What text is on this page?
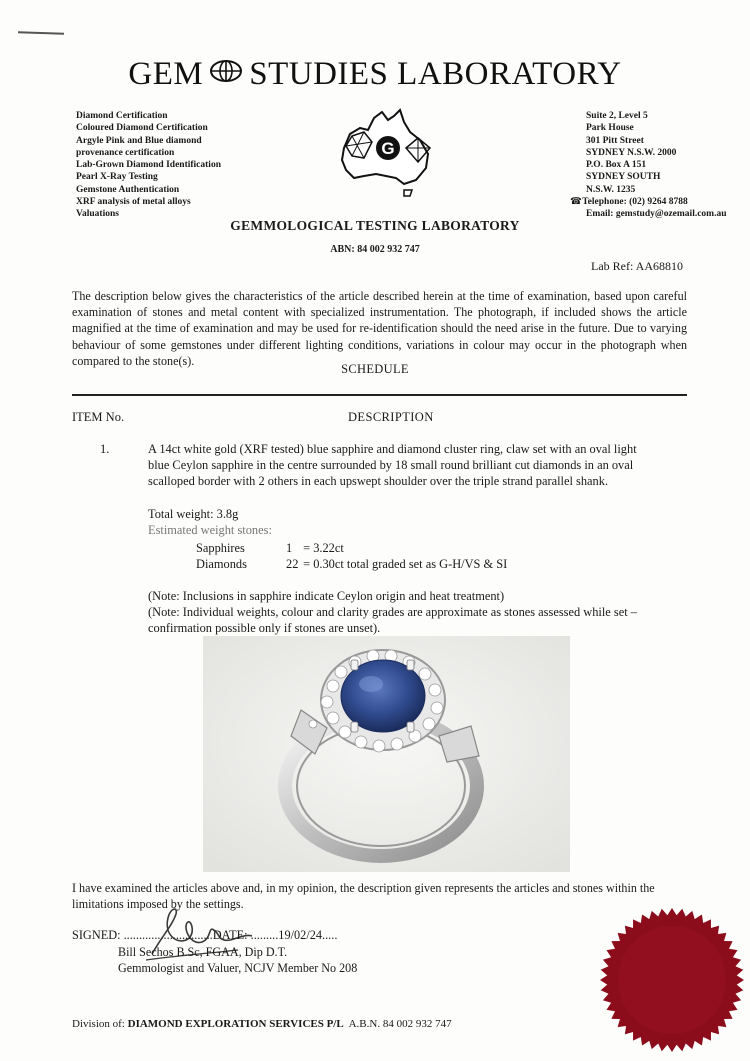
GEM STUDIES LABORATORY
Diamond Certification
Coloured Diamond Certification
Argyle Pink and Blue diamond
provenance certification
Lab-Grown Diamond Identification
Pearl X-Ray Testing
Gemstone Authentication
XRF analysis of metal alloys
Valuations
G
Suite 2, Level 5
Park House
301 Pitt Street
SYDNEY N.S.W. 2000
P.O. Box A 151
SYDNEY SOUTH
N.S.W. 1235
☎ Telephone: (02) 9264 8788
Email: gemstudy@ozemail.com.au
GEMMOLOGICAL TESTING LABORATORY
ABN: 84 002 932 747
Lab Ref: AA68810
The description below gives the characteristics of the article described herein at the time of examination, based upon careful examination of stones and metal content with specialized instrumentation. The photograph, if included shows the article magnified at the time of examination and may be used for re-identification should the need arise in the future. Due to varying behaviour of some gemstones under different lighting conditions, variations in colour may occur in the photograph when compared to the stone(s).
SCHEDULE
ITEM No.	DESCRIPTION
1.	A 14ct white gold (XRF tested) blue sapphire and diamond cluster ring, claw set with an oval light blue Ceylon sapphire in the centre surrounded by 18 small round brilliant cut diamonds in an oval scalloped border with 2 others in each upswept shoulder over the triple strand parallel shank.
Total weight: 3.8g
Estimated weight stones:
Sapphires	1 = 3.22ct
Diamonds	22 = 0.30ct total graded set as G-H/VS & SI
(Note: Inclusions in sapphire indicate Ceylon origin and heat treatment)
(Note: Individual weights, colour and clarity grades are approximate as stones assessed while set – confirmation possible only if stones are unset).
I have examined the articles above and, in my opinion, the description given represents the articles and stones within the limitations imposed by the settings.
SIGNED: .............................DATE: .........19/02/24.....
Bill Sechos B.Sc, FGAA, Dip D.T.
Gemmologist and Valuer, NCJV Member No 208
Division of: DIAMOND EXPLORATION SERVICES P/L A.B.N. 84 002 932 747
